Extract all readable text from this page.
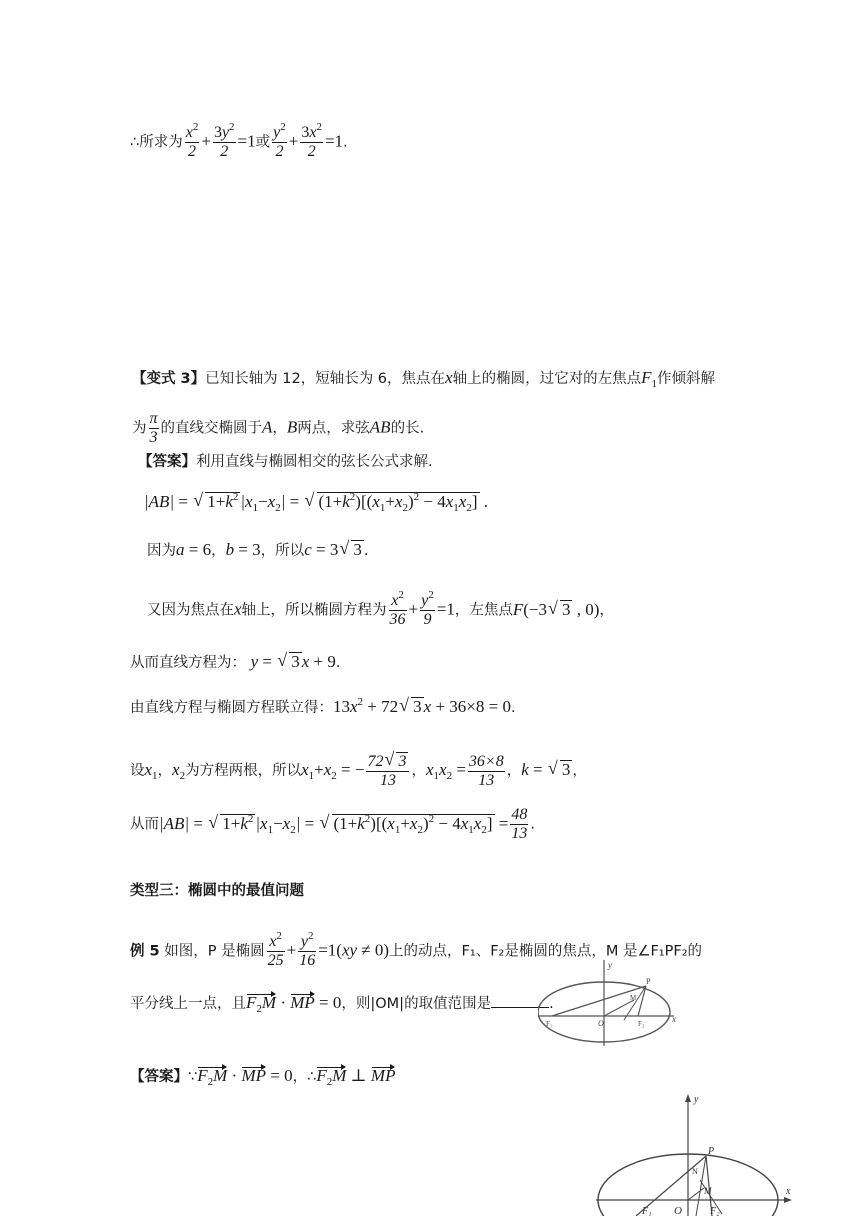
∴所求为 $\frac{x^2}{2} + \frac{3y^2}{2} =1$或 $\frac{y^2}{2} + \frac{3x^2}{2} =1$.
【变式 3】已知长轴为 12，短轴长为 6，焦点在x轴上的椭圆，过它对的左焦点$F_1$作倾斜解
为 $\frac{\pi}{3}$ 的直线交椭圆于A，B两点，求弦AB的长.
【答案】利用直线与椭圆相交的弦长公式求解.
|AB| = √ $1+k^2$ $|x_1-x_2|$ = √ $(1+k^2)[(x_1+x_2)^2 - 4x_1x_2]$ .
因为a = 6，b = 3，所以c = 3√ 3 .
又因为焦点在x轴上，所以椭圆方程为 $\frac{x^2}{36} + \frac{y^2}{9} =1$，左焦点F(−3√ 3 , 0)，
从而直线方程为： y = √ 3 x + 9.
由直线方程与椭圆方程联立得：$13x^2 + 72√$ 3 x + 36×8 = 0.
设$x_1$，$x_2$为方程两根，所以$x_1+x_2$ = − $\frac{72√ 3}{13}$ ，$x_1x_2 = \frac{36\times 8}{13}$ ，k = √ 3 ，
从而|AB| = √ $1+k^2$ $|x_1-x_2|$ = √ $(1+k^2)[(x_1+x_2)^2 - 4x_1x_2] = \frac{48}{13}$ .
类型三：椭圆中的最值问题
例 5 如图，P 是椭圆 $\frac{x^2}{25} + \frac{y^2}{16} =1(xy \ne 0)$上的动点，F₁、F₂是椭圆的焦点，M 是∠F₁PF₂的
平分线上一点，且$F_2M$ · MP = 0，则|OM|的取值范围是	.
y
x
O
P
M
F₁	F₂
【答案】$\because F_2M$ · MP = 0，$\therefore F_2M$ ⊥ MP
y
x
O
P
M
N
F₁	F₂
